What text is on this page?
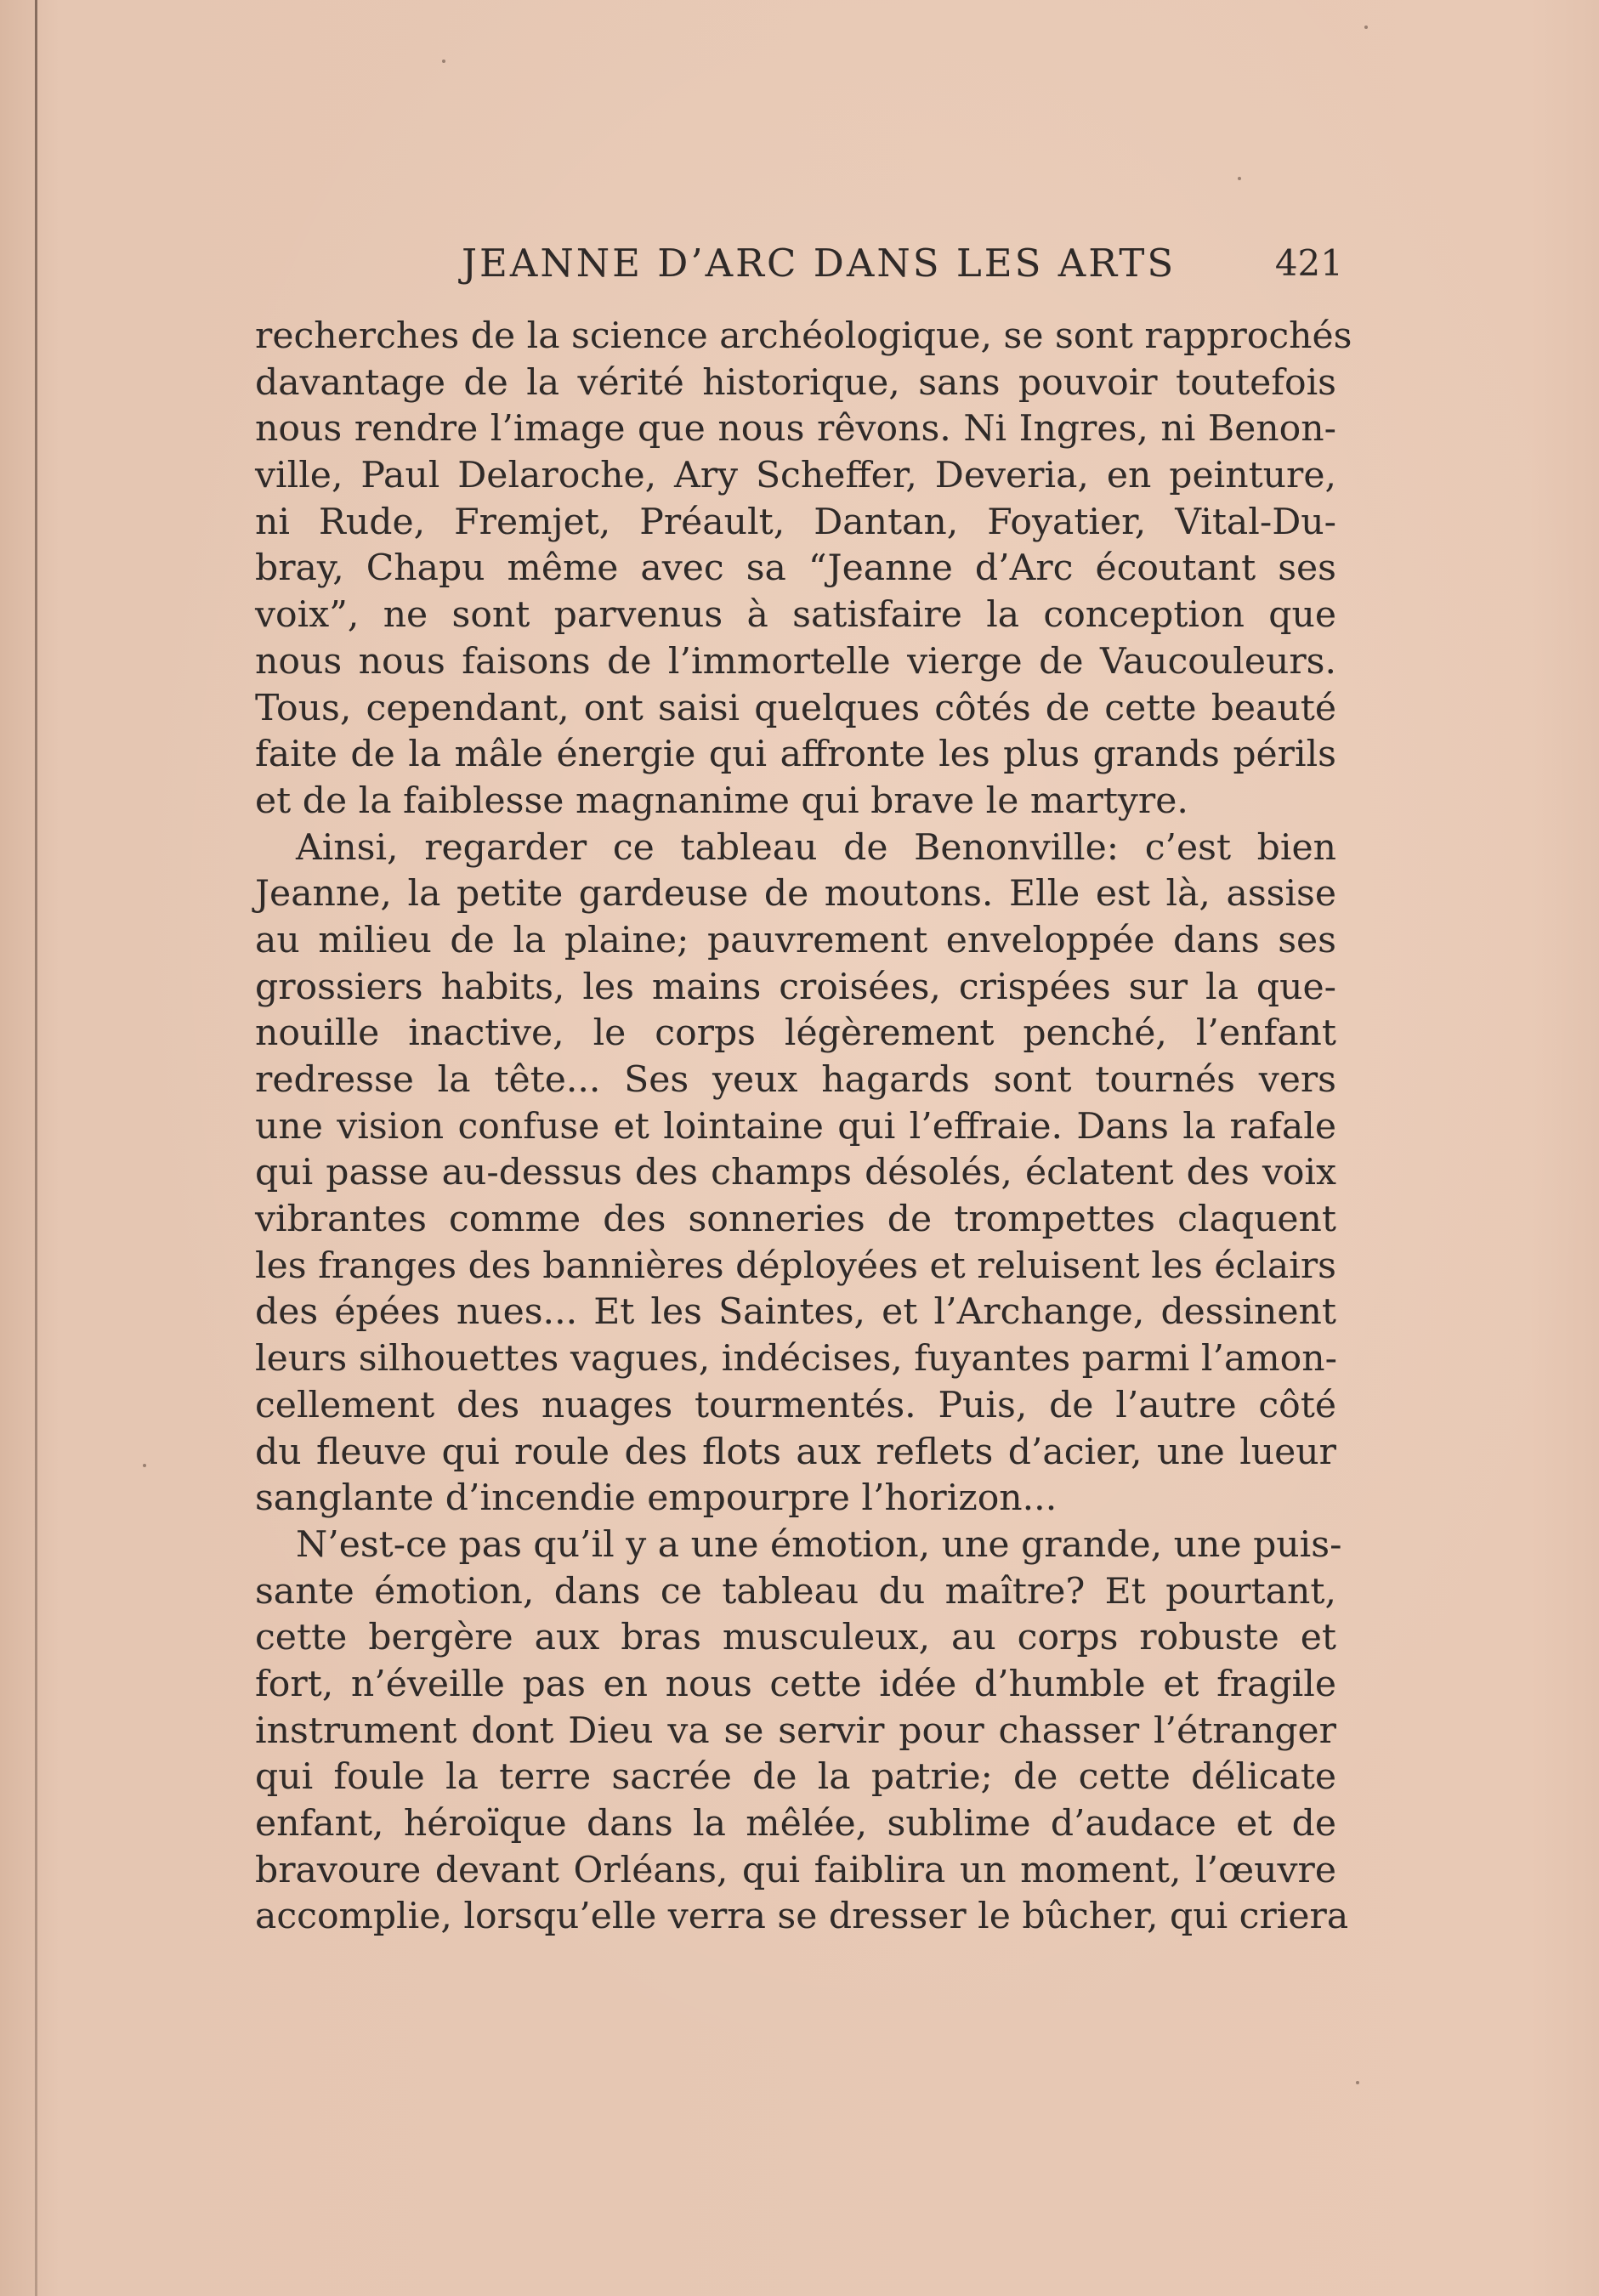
JEANNE D’ARC DANS LES ARTS	421
recherches de la science archéologique, se sont rapprochés
davantage de la vérité historique, sans pouvoir toutefois
nous rendre l’image que nous rêvons. Ni Ingres, ni Benon-
ville, Paul Delaroche, Ary Scheffer, Deveria, en peinture,
ni Rude, Fremjet, Préault, Dantan, Foyatier, Vital-Du-
bray, Chapu même avec sa “Jeanne d’Arc écoutant ses
voix”, ne sont parvenus à satisfaire la conception que
nous nous faisons de l’immortelle vierge de Vaucouleurs.
Tous, cependant, ont saisi quelques côtés de cette beauté
faite de la mâle énergie qui affronte les plus grands périls
et de la faiblesse magnanime qui brave le martyre.
Ainsi, regarder ce tableau de Benonville: c’est bien
Jeanne, la petite gardeuse de moutons. Elle est là, assise
au milieu de la plaine; pauvrement enveloppée dans ses
grossiers habits, les mains croisées, crispées sur la que-
nouille inactive, le corps légèrement penché, l’enfant
redresse la tête... Ses yeux hagards sont tournés vers
une vision confuse et lointaine qui l’effraie. Dans la rafale
qui passe au-dessus des champs désolés, éclatent des voix
vibrantes comme des sonneries de trompettes claquent
les franges des bannières déployées et reluisent les éclairs
des épées nues... Et les Saintes, et l’Archange, dessinent
leurs silhouettes vagues, indécises, fuyantes parmi l’amon-
cellement des nuages tourmentés. Puis, de l’autre côté
du fleuve qui roule des flots aux reflets d’acier, une lueur
sanglante d’incendie empourpre l’horizon...
N’est-ce pas qu’il y a une émotion, une grande, une puis-
sante émotion, dans ce tableau du maître? Et pourtant,
cette bergère aux bras musculeux, au corps robuste et
fort, n’éveille pas en nous cette idée d’humble et fragile
instrument dont Dieu va se servir pour chasser l’étranger
qui foule la terre sacrée de la patrie; de cette délicate
enfant, héroïque dans la mêlée, sublime d’audace et de
bravoure devant Orléans, qui faiblira un moment, l’œuvre
accomplie, lorsqu’elle verra se dresser le bûcher, qui criera
